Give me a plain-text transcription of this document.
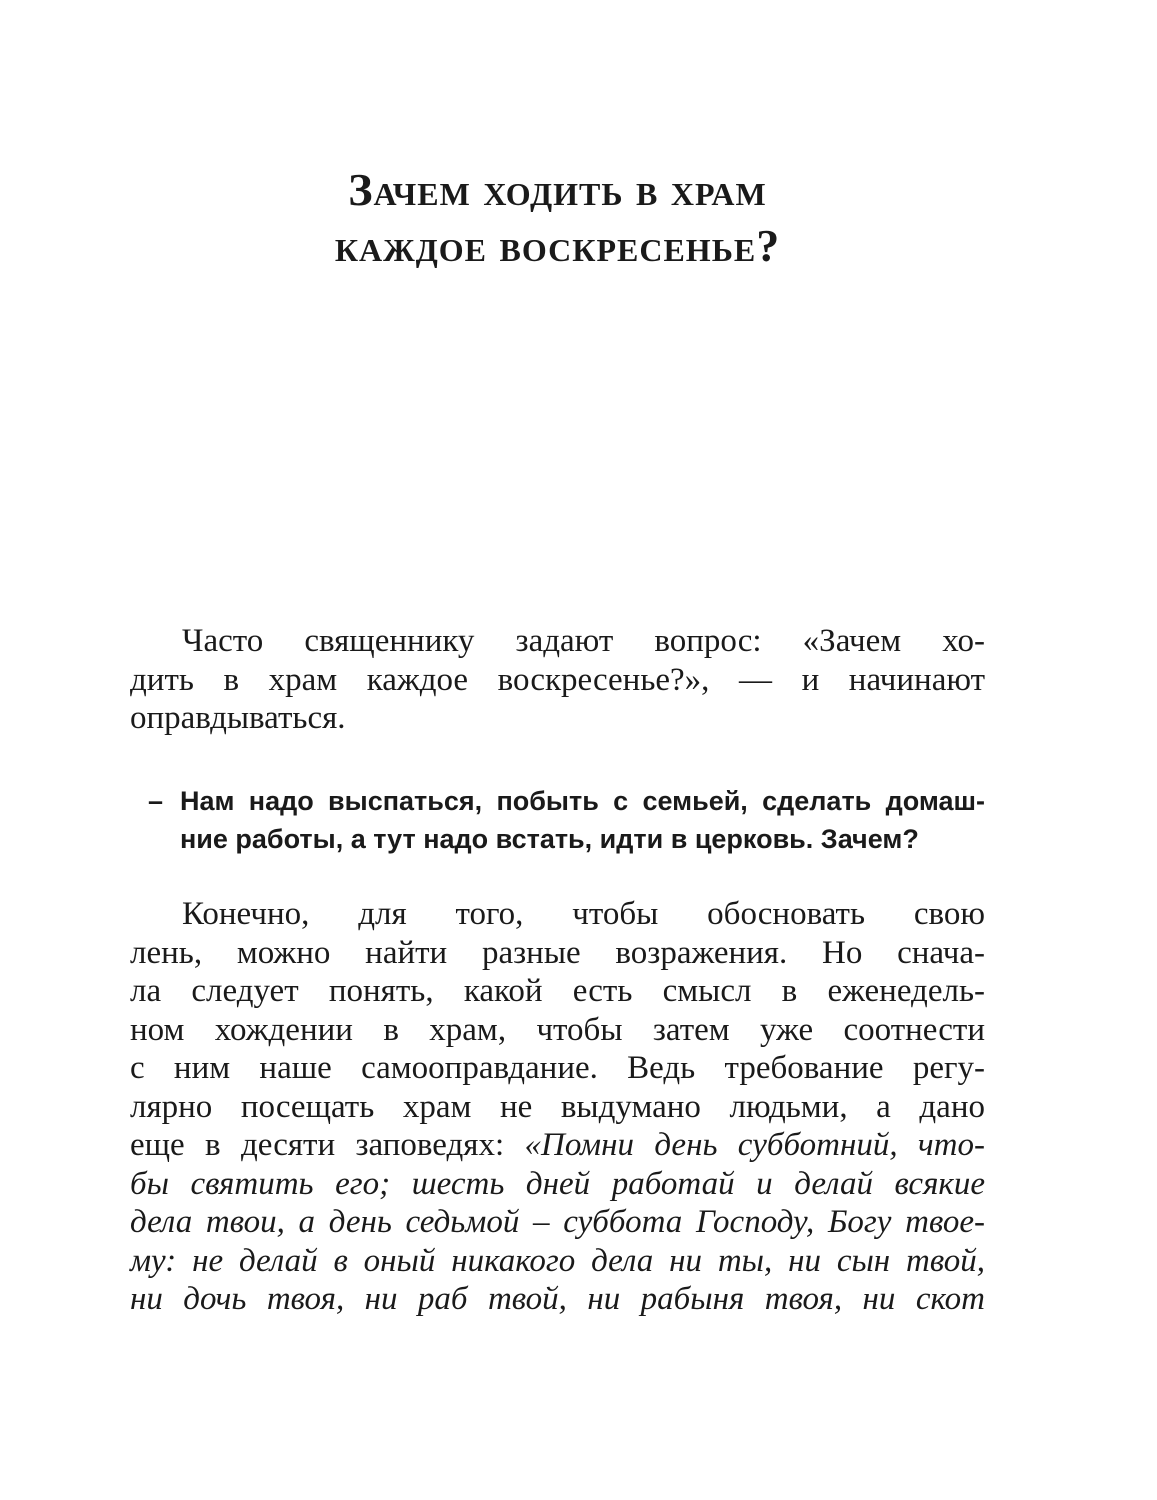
Зачем ходить в храм
каждое воскресенье?
Часто священнику задают вопрос: «Зачем хо-
дить в храм каждое воскресенье?», — и начинают
оправдываться.
– Нам надо выспаться, побыть с семьей, сделать домаш-
ние работы, а тут надо встать, идти в церковь. Зачем?
Конечно, для того, чтобы обосновать свою
лень, можно найти разные возражения. Но снача-
ла следует понять, какой есть смысл в еженедель-
ном хождении в храм, чтобы затем уже соотнести
с ним наше самооправдание. Ведь требование регу-
лярно посещать храм не выдумано людьми, а дано
еще в десяти заповедях: «Помни день субботний, что-
бы святить его; шесть дней работай и делай всякие
дела твои, а день седьмой – суббота Господу, Богу твое-
му: не делай в оный никакого дела ни ты, ни сын твой,
ни дочь твоя, ни раб твой, ни рабыня твоя, ни скот
